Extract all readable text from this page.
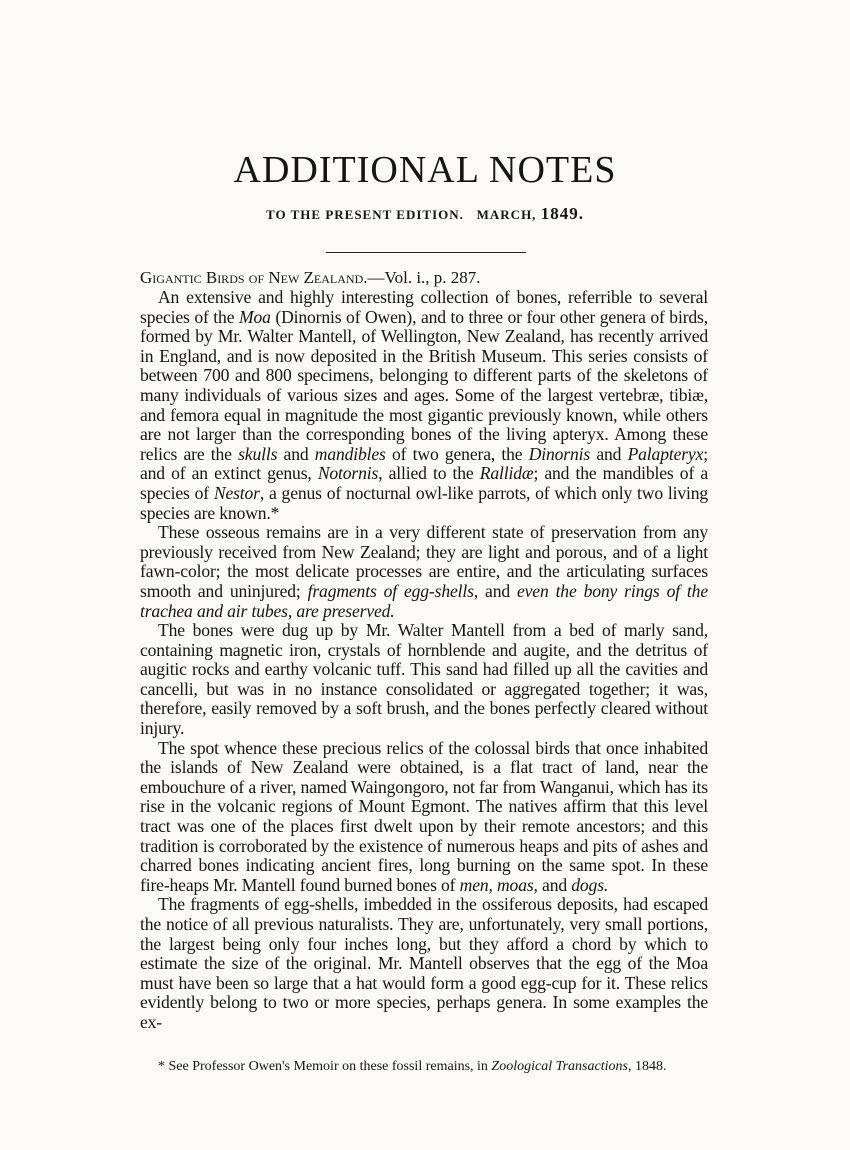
ADDITIONAL NOTES
TO THE PRESENT EDITION. MARCH, 1849.

Gigantic Birds of New Zealand.—Vol. i., p. 287.

An extensive and highly interesting collection of bones, referrible to several species of the Moa (Dinornis of Owen), and to three or four other genera of birds, formed by Mr. Walter Mantell, of Wellington, New Zealand, has recently arrived in England, and is now deposited in the British Museum. This series consists of between 700 and 800 specimens, belonging to different parts of the skeletons of many individuals of various sizes and ages. Some of the largest vertebræ, tibiæ, and femora equal in magnitude the most gigantic previously known, while others are not larger than the corresponding bones of the living apteryx. Among these relics are the skulls and mandibles of two genera, the Dinornis and Palapteryx; and of an extinct genus, Notornis, allied to the Rallidæ; and the mandibles of a species of Nestor, a genus of nocturnal owl-like parrots, of which only two living species are known.*

These osseous remains are in a very different state of preservation from any previously received from New Zealand; they are light and porous, and of a light fawn-color; the most delicate processes are entire, and the articulating surfaces smooth and uninjured; fragments of egg-shells, and even the bony rings of the trachea and air tubes, are preserved.

The bones were dug up by Mr. Walter Mantell from a bed of marly sand, containing magnetic iron, crystals of hornblende and augite, and the detritus of augitic rocks and earthy volcanic tuff. This sand had filled up all the cavities and cancelli, but was in no instance consolidated or aggregated together; it was, therefore, easily removed by a soft brush, and the bones perfectly cleared without injury.

The spot whence these precious relics of the colossal birds that once inhabited the islands of New Zealand were obtained, is a flat tract of land, near the embouchure of a river, named Waingongoro, not far from Wanganui, which has its rise in the volcanic regions of Mount Egmont. The natives affirm that this level tract was one of the places first dwelt upon by their remote ancestors; and this tradition is corroborated by the existence of numerous heaps and pits of ashes and charred bones indicating ancient fires, long burning on the same spot. In these fire-heaps Mr. Mantell found burned bones of men, moas, and dogs.

The fragments of egg-shells, imbedded in the ossiferous deposits, had escaped the notice of all previous naturalists. They are, unfortunately, very small portions, the largest being only four inches long, but they afford a chord by which to estimate the size of the original. Mr. Mantell observes that the egg of the Moa must have been so large that a hat would form a good egg-cup for it. These relics evidently belong to two or more species, perhaps genera. In some examples the ex-

* See Professor Owen's Memoir on these fossil remains, in Zoological Transactions, 1848.
